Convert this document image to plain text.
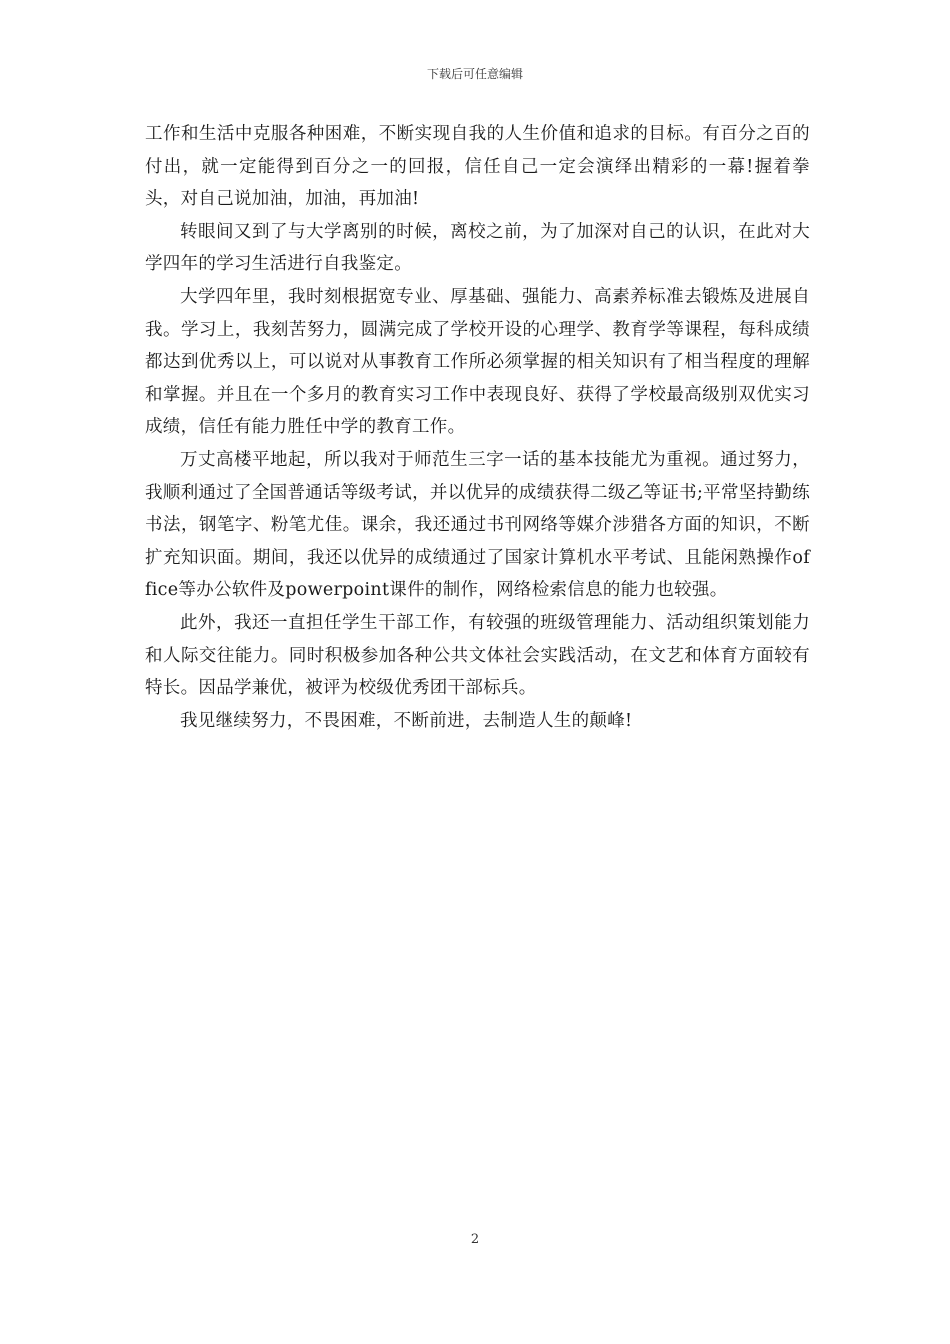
下载后可任意编辑

工作和生活中克服各种困难，不断实现自我的人生价值和追求的目标。有百分之百的付出，就一定能得到百分之一的回报，信任自己一定会演绎出精彩的一幕!握着拳头，对自己说加油，加油，再加油!

转眼间又到了与大学离别的时候，离校之前，为了加深对自己的认识，在此对大学四年的学习生活进行自我鉴定。

大学四年里，我时刻根据宽专业、厚基础、强能力、高素养标准去锻炼及进展自我。学习上，我刻苦努力，圆满完成了学校开设的心理学、教育学等课程，每科成绩都达到优秀以上，可以说对从事教育工作所必须掌握的相关知识有了相当程度的理解和掌握。并且在一个多月的教育实习工作中表现良好、获得了学校最高级别双优实习成绩，信任有能力胜任中学的教育工作。

万丈高楼平地起，所以我对于师范生三字一话的基本技能尤为重视。通过努力，我顺利通过了全国普通话等级考试，并以优异的成绩获得二级乙等证书;平常坚持勤练书法，钢笔字、粉笔尤佳。课余，我还通过书刊网络等媒介涉猎各方面的知识，不断扩充知识面。期间，我还以优异的成绩通过了国家计算机水平考试、且能闲熟操作office等办公软件及powerpoint课件的制作，网络检索信息的能力也较强。

此外，我还一直担任学生干部工作，有较强的班级管理能力、活动组织策划能力和人际交往能力。同时积极参加各种公共文体社会实践活动，在文艺和体育方面较有特长。因品学兼优，被评为校级优秀团干部标兵。

我见继续努力，不畏困难，不断前进，去制造人生的颠峰!

2
